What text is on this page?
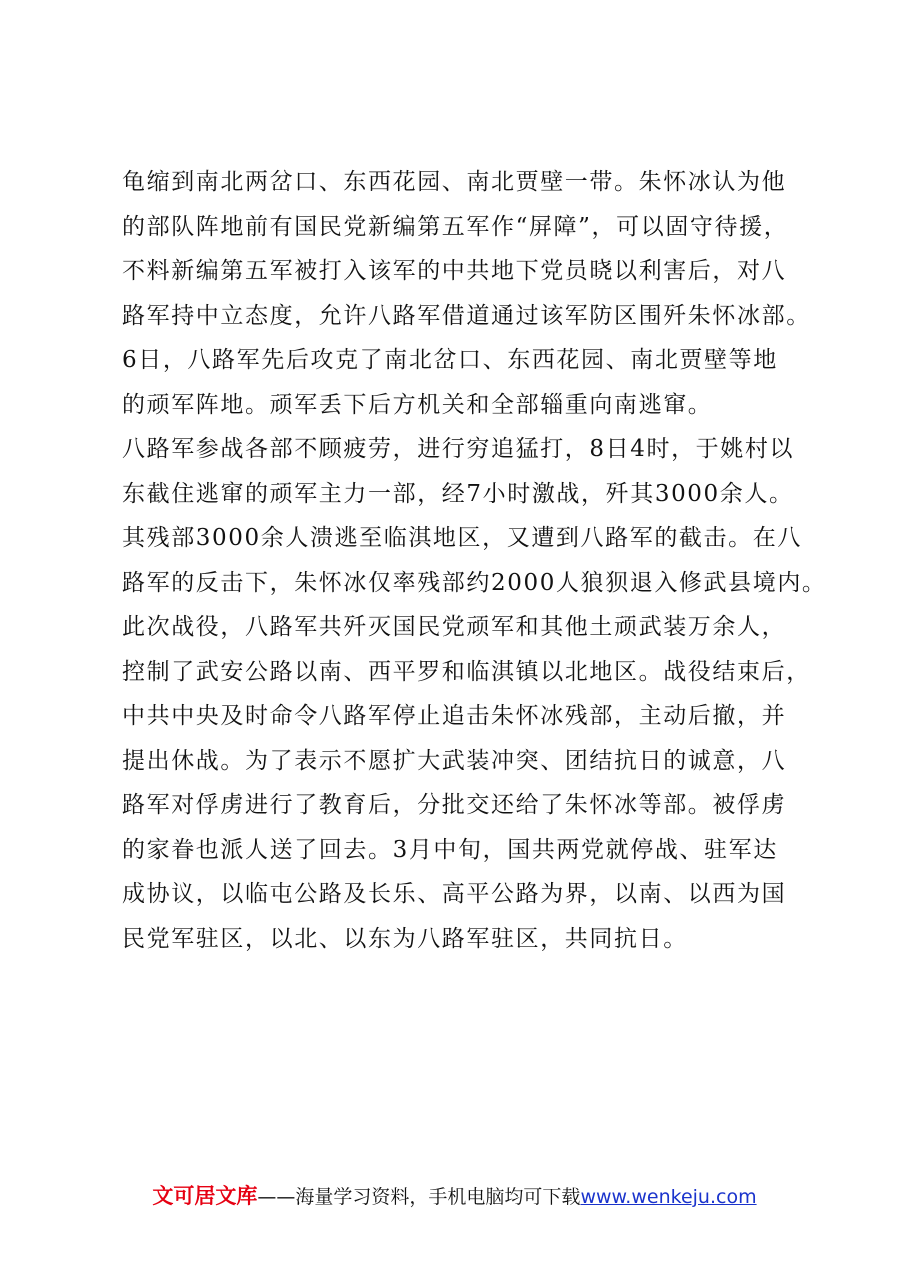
龟缩到南北两岔口、东西花园、南北贾壁一带。朱怀冰认为他
的部队阵地前有国民党新编第五军作“屏障”，可以固守待援，
不料新编第五军被打入该军的中共地下党员晓以利害后，对八
路军持中立态度，允许八路军借道通过该军防区围歼朱怀冰部。
6日，八路军先后攻克了南北岔口、东西花园、南北贾壁等地
的顽军阵地。顽军丢下后方机关和全部辎重向南逃窜。
八路军参战各部不顾疲劳，进行穷追猛打，8日4时，于姚村以
东截住逃窜的顽军主力一部，经7小时激战，歼其3000余人。
其残部3000余人溃逃至临淇地区，又遭到八路军的截击。在八
路军的反击下，朱怀冰仅率残部约2000人狼狈退入修武县境内。
此次战役，八路军共歼灭国民党顽军和其他土顽武装万余人，
控制了武安公路以南、西平罗和临淇镇以北地区。战役结束后，
中共中央及时命令八路军停止追击朱怀冰残部，主动后撤，并
提出休战。为了表示不愿扩大武装冲突、团结抗日的诚意，八
路军对俘虏进行了教育后，分批交还给了朱怀冰等部。被俘虏
的家眷也派人送了回去。3月中旬，国共两党就停战、驻军达
成协议，以临屯公路及长乐、高平公路为界，以南、以西为国
民党军驻区，以北、以东为八路军驻区，共同抗日。
文可居文库——海量学习资料，手机电脑均可下载www.wenkeju.com
